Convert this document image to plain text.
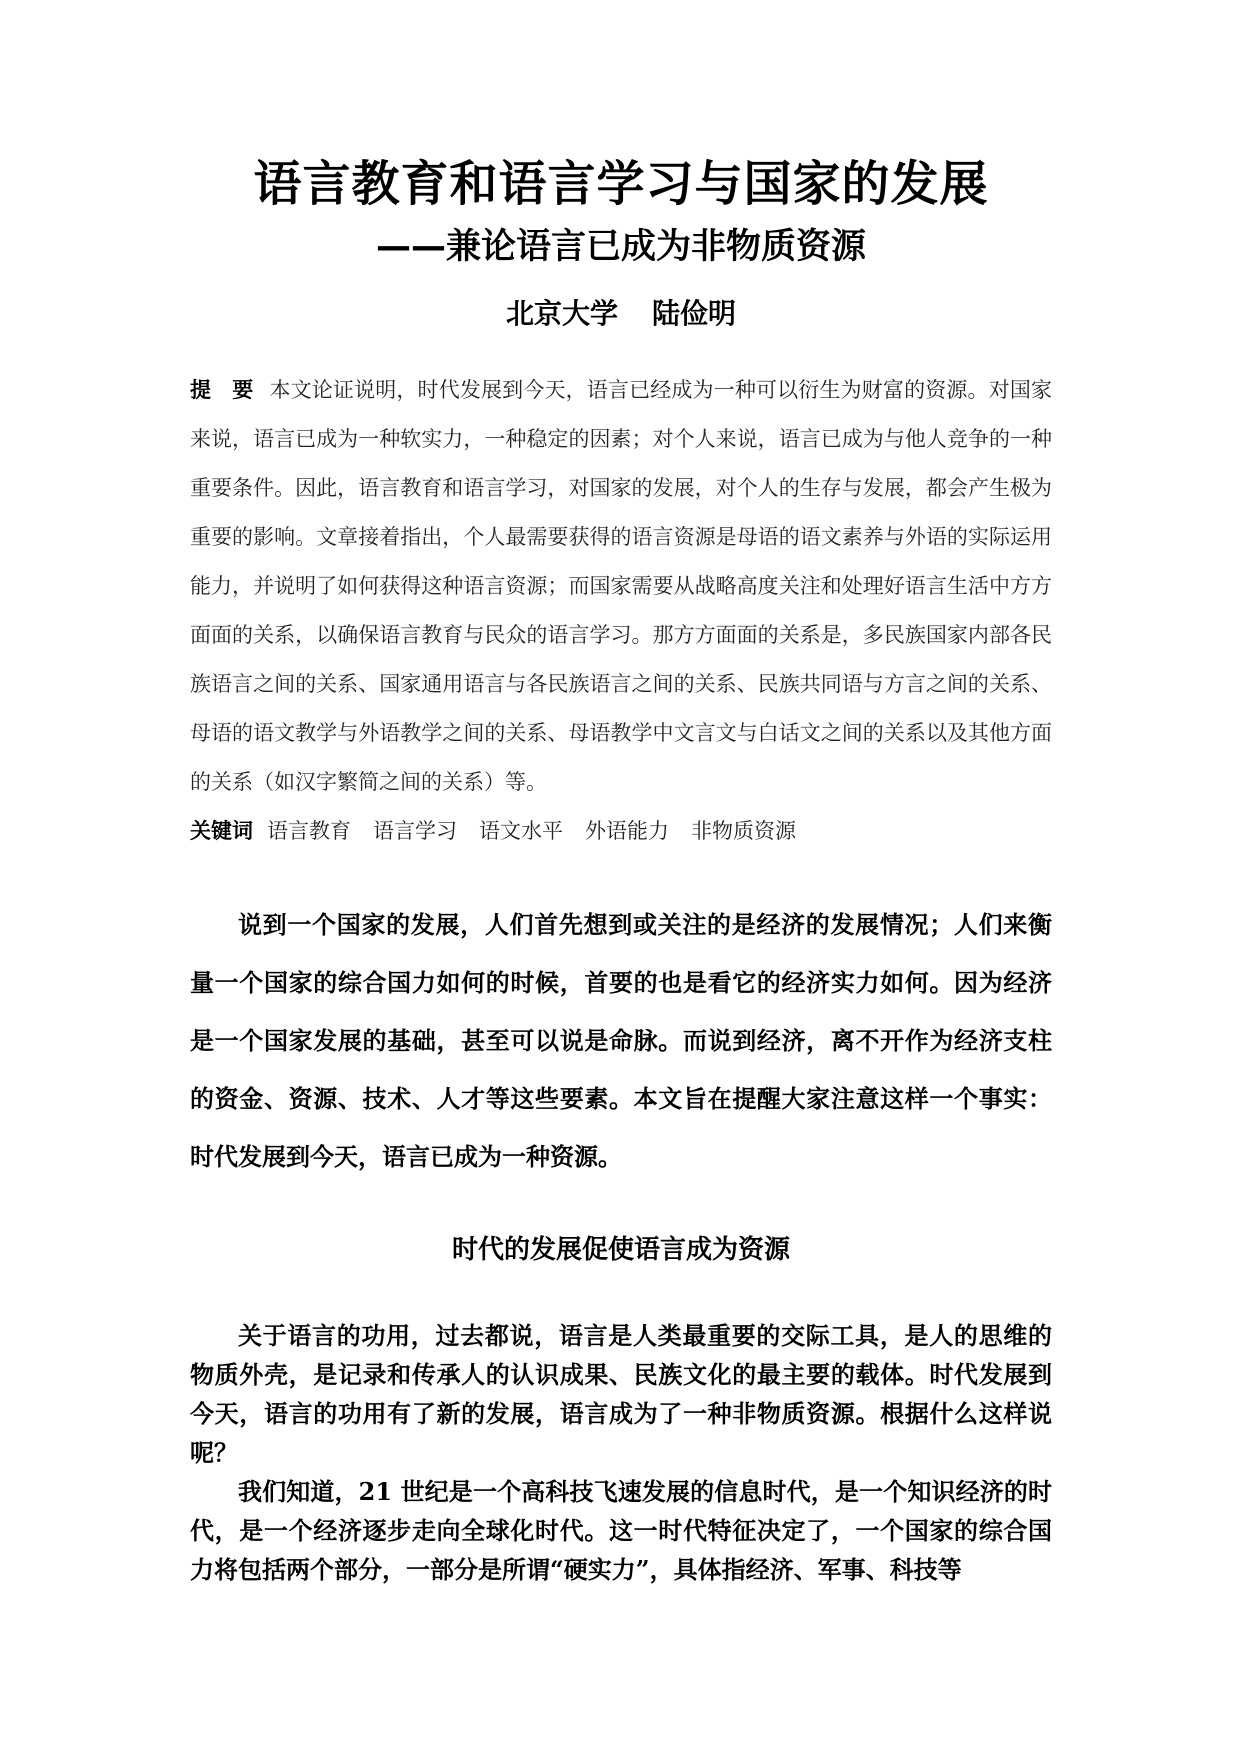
语言教育和语言学习与国家的发展
——兼论语言已成为非物质资源
北京大学 陆俭明

提　要 本文论证说明，时代发展到今天，语言已经成为一种可以衍生为财富的资源。对国家来说，语言已成为一种软实力，一种稳定的因素；对个人来说，语言已成为与他人竞争的一种重要条件。因此，语言教育和语言学习，对国家的发展，对个人的生存与发展，都会产生极为重要的影响。文章接着指出，个人最需要获得的语言资源是母语的语文素养与外语的实际运用能力，并说明了如何获得这种语言资源；而国家需要从战略高度关注和处理好语言生活中方方面面的关系，以确保语言教育与民众的语言学习。那方方面面的关系是，多民族国家内部各民族语言之间的关系、国家通用语言与各民族语言之间的关系、民族共同语与方言之间的关系、母语的语文教学与外语教学之间的关系、母语教学中文言文与白话文之间的关系以及其他方面的关系（如汉字繁简之间的关系）等。

关键词 语言教育 语言学习 语文水平 外语能力 非物质资源

说到一个国家的发展，人们首先想到或关注的是经济的发展情况；人们来衡量一个国家的综合国力如何的时候，首要的也是看它的经济实力如何。因为经济是一个国家发展的基础，甚至可以说是命脉。而说到经济，离不开作为经济支柱的资金、资源、技术、人才等这些要素。本文旨在提醒大家注意这样一个事实：时代发展到今天，语言已成为一种资源。

时代的发展促使语言成为资源

关于语言的功用，过去都说，语言是人类最重要的交际工具，是人的思维的物质外壳，是记录和传承人的认识成果、民族文化的最主要的载体。时代发展到今天，语言的功用有了新的发展，语言成为了一种非物质资源。根据什么这样说呢？

我们知道，21 世纪是一个高科技飞速发展的信息时代，是一个知识经济的时代，是一个经济逐步走向全球化时代。这一时代特征决定了，一个国家的综合国力将包括两个部分，一部分是所谓“硬实力”，具体指经济、军事、科技等
